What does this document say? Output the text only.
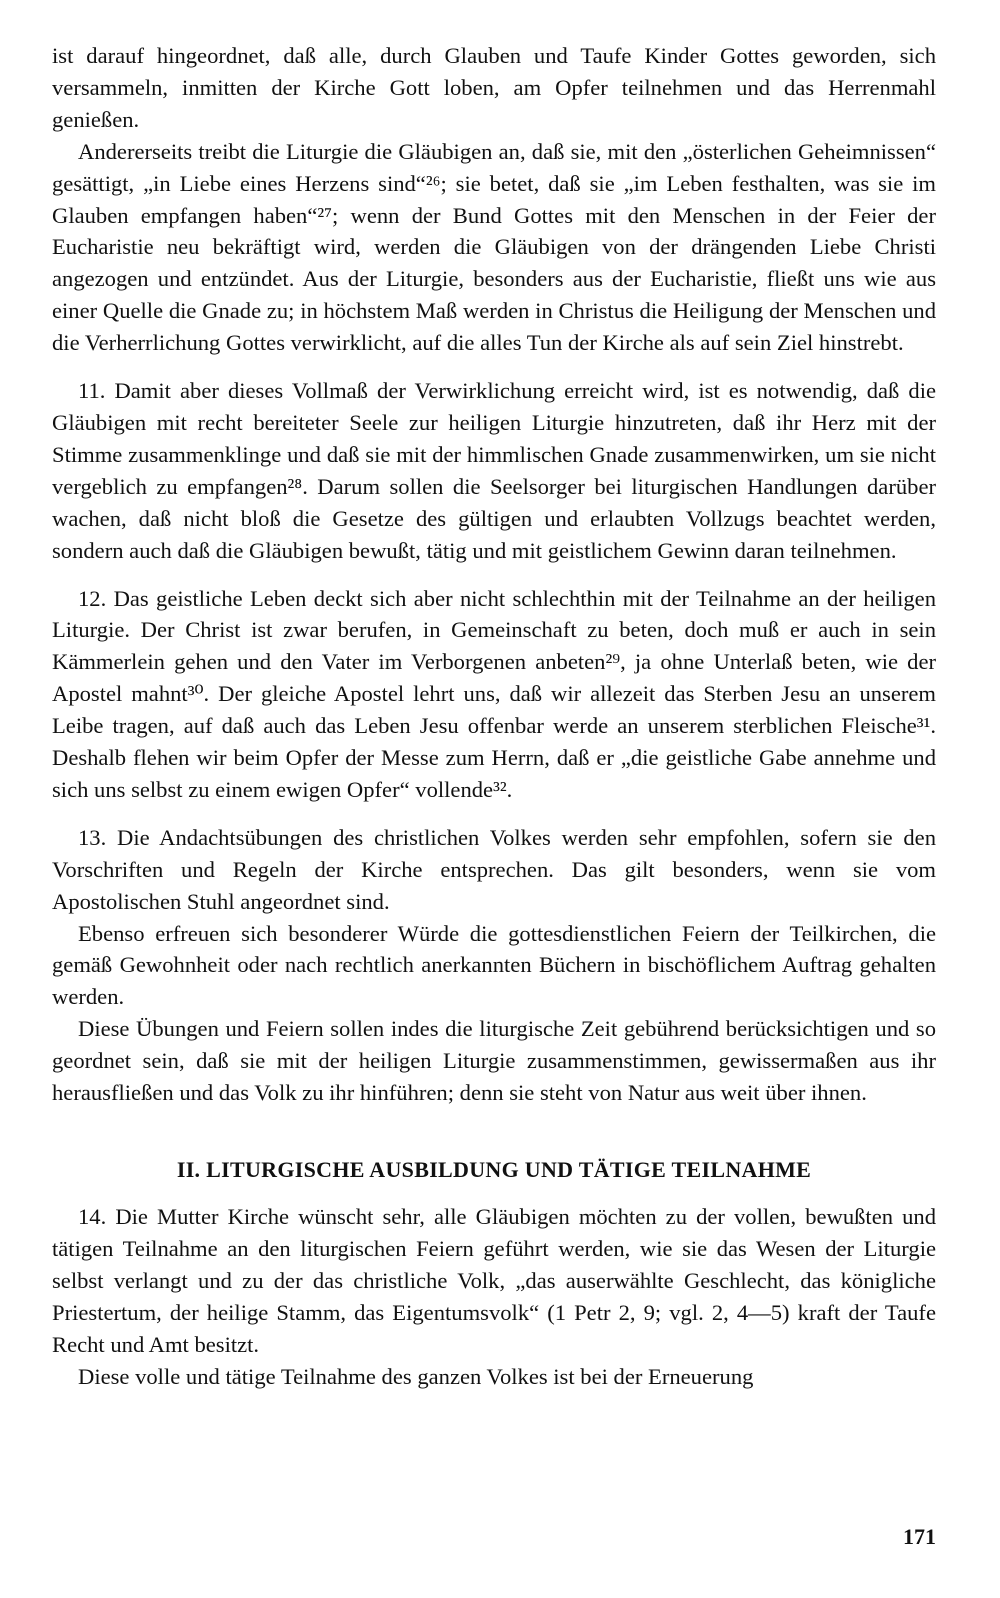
ist darauf hingeordnet, daß alle, durch Glauben und Taufe Kinder Gottes geworden, sich versammeln, inmitten der Kirche Gott loben, am Opfer teilnehmen und das Herrenmahl genießen.

Andererseits treibt die Liturgie die Gläubigen an, daß sie, mit den „österlichen Geheimnissen“ gesättigt, „in Liebe eines Herzens sind“²⁶; sie betet, daß sie „im Leben festhalten, was sie im Glauben empfangen haben“²⁷; wenn der Bund Gottes mit den Menschen in der Feier der Eucharistie neu bekräftigt wird, werden die Gläubigen von der drängenden Liebe Christi angezogen und entzündet. Aus der Liturgie, besonders aus der Eucharistie, fließt uns wie aus einer Quelle die Gnade zu; in höchstem Maß werden in Christus die Heiligung der Menschen und die Verherrlichung Gottes verwirklicht, auf die alles Tun der Kirche als auf sein Ziel hinstrebt.

11. Damit aber dieses Vollmaß der Verwirklichung erreicht wird, ist es notwendig, daß die Gläubigen mit recht bereiteter Seele zur heiligen Liturgie hinzutreten, daß ihr Herz mit der Stimme zusammenklinge und daß sie mit der himmlischen Gnade zusammenwirken, um sie nicht vergeblich zu empfangen²⁸. Darum sollen die Seelsorger bei liturgischen Handlungen darüber wachen, daß nicht bloß die Gesetze des gültigen und erlaubten Vollzugs beachtet werden, sondern auch daß die Gläubigen bewußt, tätig und mit geistlichem Gewinn daran teilnehmen.

12. Das geistliche Leben deckt sich aber nicht schlechthin mit der Teilnahme an der heiligen Liturgie. Der Christ ist zwar berufen, in Gemeinschaft zu beten, doch muß er auch in sein Kämmerlein gehen und den Vater im Verborgenen anbeten²⁹, ja ohne Unterlaß beten, wie der Apostel mahnt³⁰. Der gleiche Apostel lehrt uns, daß wir allezeit das Sterben Jesu an unserem Leibe tragen, auf daß auch das Leben Jesu offenbar werde an unserem sterblichen Fleische³¹. Deshalb flehen wir beim Opfer der Messe zum Herrn, daß er „die geistliche Gabe annehme und sich uns selbst zu einem ewigen Opfer“ vollende³².

13. Die Andachtsübungen des christlichen Volkes werden sehr empfohlen, sofern sie den Vorschriften und Regeln der Kirche entsprechen. Das gilt besonders, wenn sie vom Apostolischen Stuhl angeordnet sind.

Ebenso erfreuen sich besonderer Würde die gottesdienstlichen Feiern der Teilkirchen, die gemäß Gewohnheit oder nach rechtlich anerkannten Büchern in bischöflichem Auftrag gehalten werden.

Diese Übungen und Feiern sollen indes die liturgische Zeit gebührend berücksichtigen und so geordnet sein, daß sie mit der heiligen Liturgie zusammenstimmen, gewissermaßen aus ihr herausfließen und das Volk zu ihr hinführen; denn sie steht von Natur aus weit über ihnen.

II. LITURGISCHE AUSBILDUNG UND TÄTIGE TEILNAHME

14. Die Mutter Kirche wünscht sehr, alle Gläubigen möchten zu der vollen, bewußten und tätigen Teilnahme an den liturgischen Feiern geführt werden, wie sie das Wesen der Liturgie selbst verlangt und zu der das christliche Volk, „das auserwählte Geschlecht, das königliche Priestertum, der heilige Stamm, das Eigentumsvolk“ (1 Petr 2, 9; vgl. 2, 4—5) kraft der Taufe Recht und Amt besitzt.

Diese volle und tätige Teilnahme des ganzen Volkes ist bei der Erneuerung

171
